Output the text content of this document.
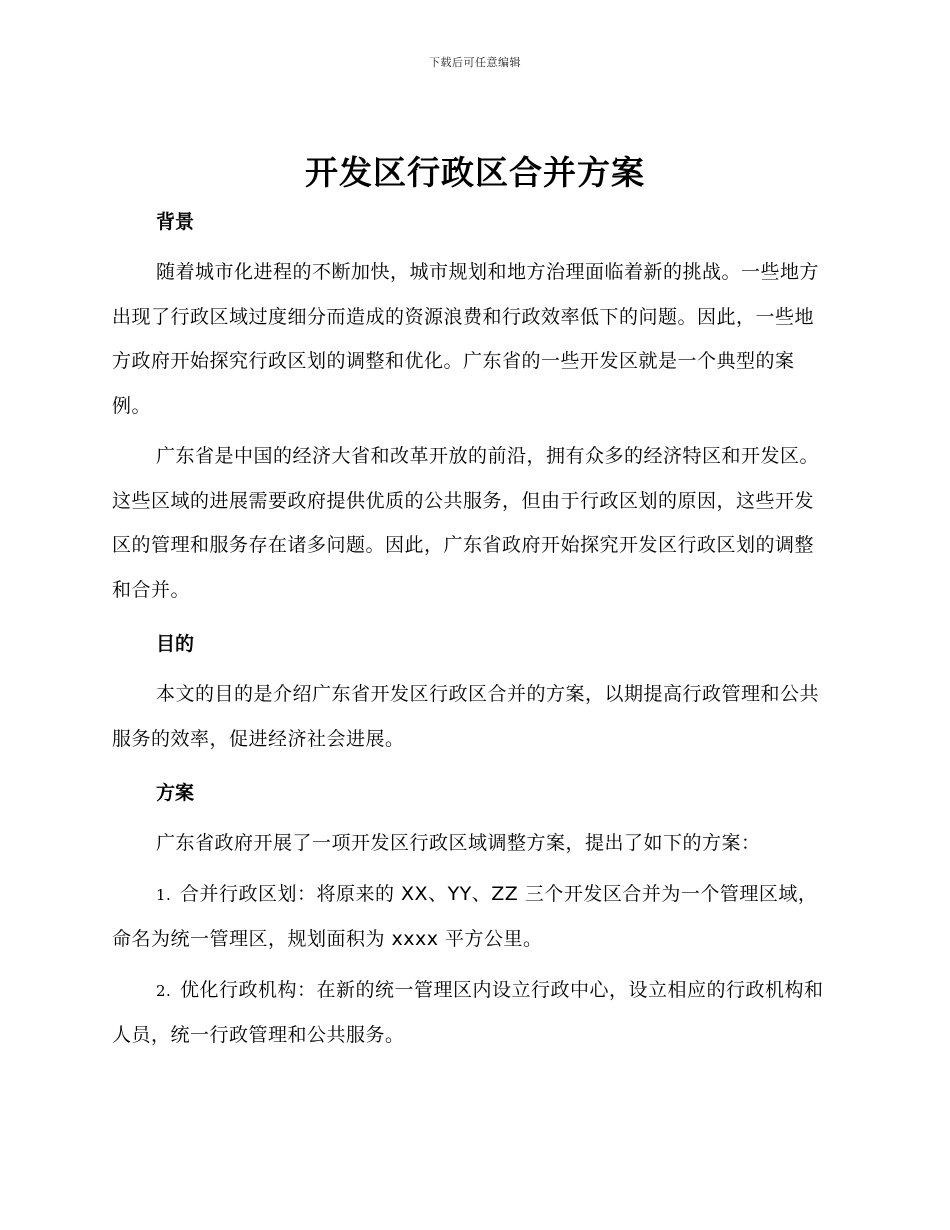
下载后可任意编辑
开发区行政区合并方案

背景

随着城市化进程的不断加快，城市规划和地方治理面临着新的挑战。一些地方出现了行政区域过度细分而造成的资源浪费和行政效率低下的问题。因此，一些地方政府开始探究行政区划的调整和优化。广东省的一些开发区就是一个典型的案例。

广东省是中国的经济大省和改革开放的前沿，拥有众多的经济特区和开发区。这些区域的进展需要政府提供优质的公共服务，但由于行政区划的原因，这些开发区的管理和服务存在诸多问题。因此，广东省政府开始探究开发区行政区划的调整和合并。

目的

本文的目的是介绍广东省开发区行政区合并的方案，以期提高行政管理和公共服务的效率，促进经济社会进展。

方案

广东省政府开展了一项开发区行政区域调整方案，提出了如下的方案：

1. 合并行政区划：将原来的 XX、YY、ZZ 三个开发区合并为一个管理区域，命名为统一管理区，规划面积为 xxxx 平方公里。

2. 优化行政机构：在新的统一管理区内设立行政中心，设立相应的行政机构和人员，统一行政管理和公共服务。
